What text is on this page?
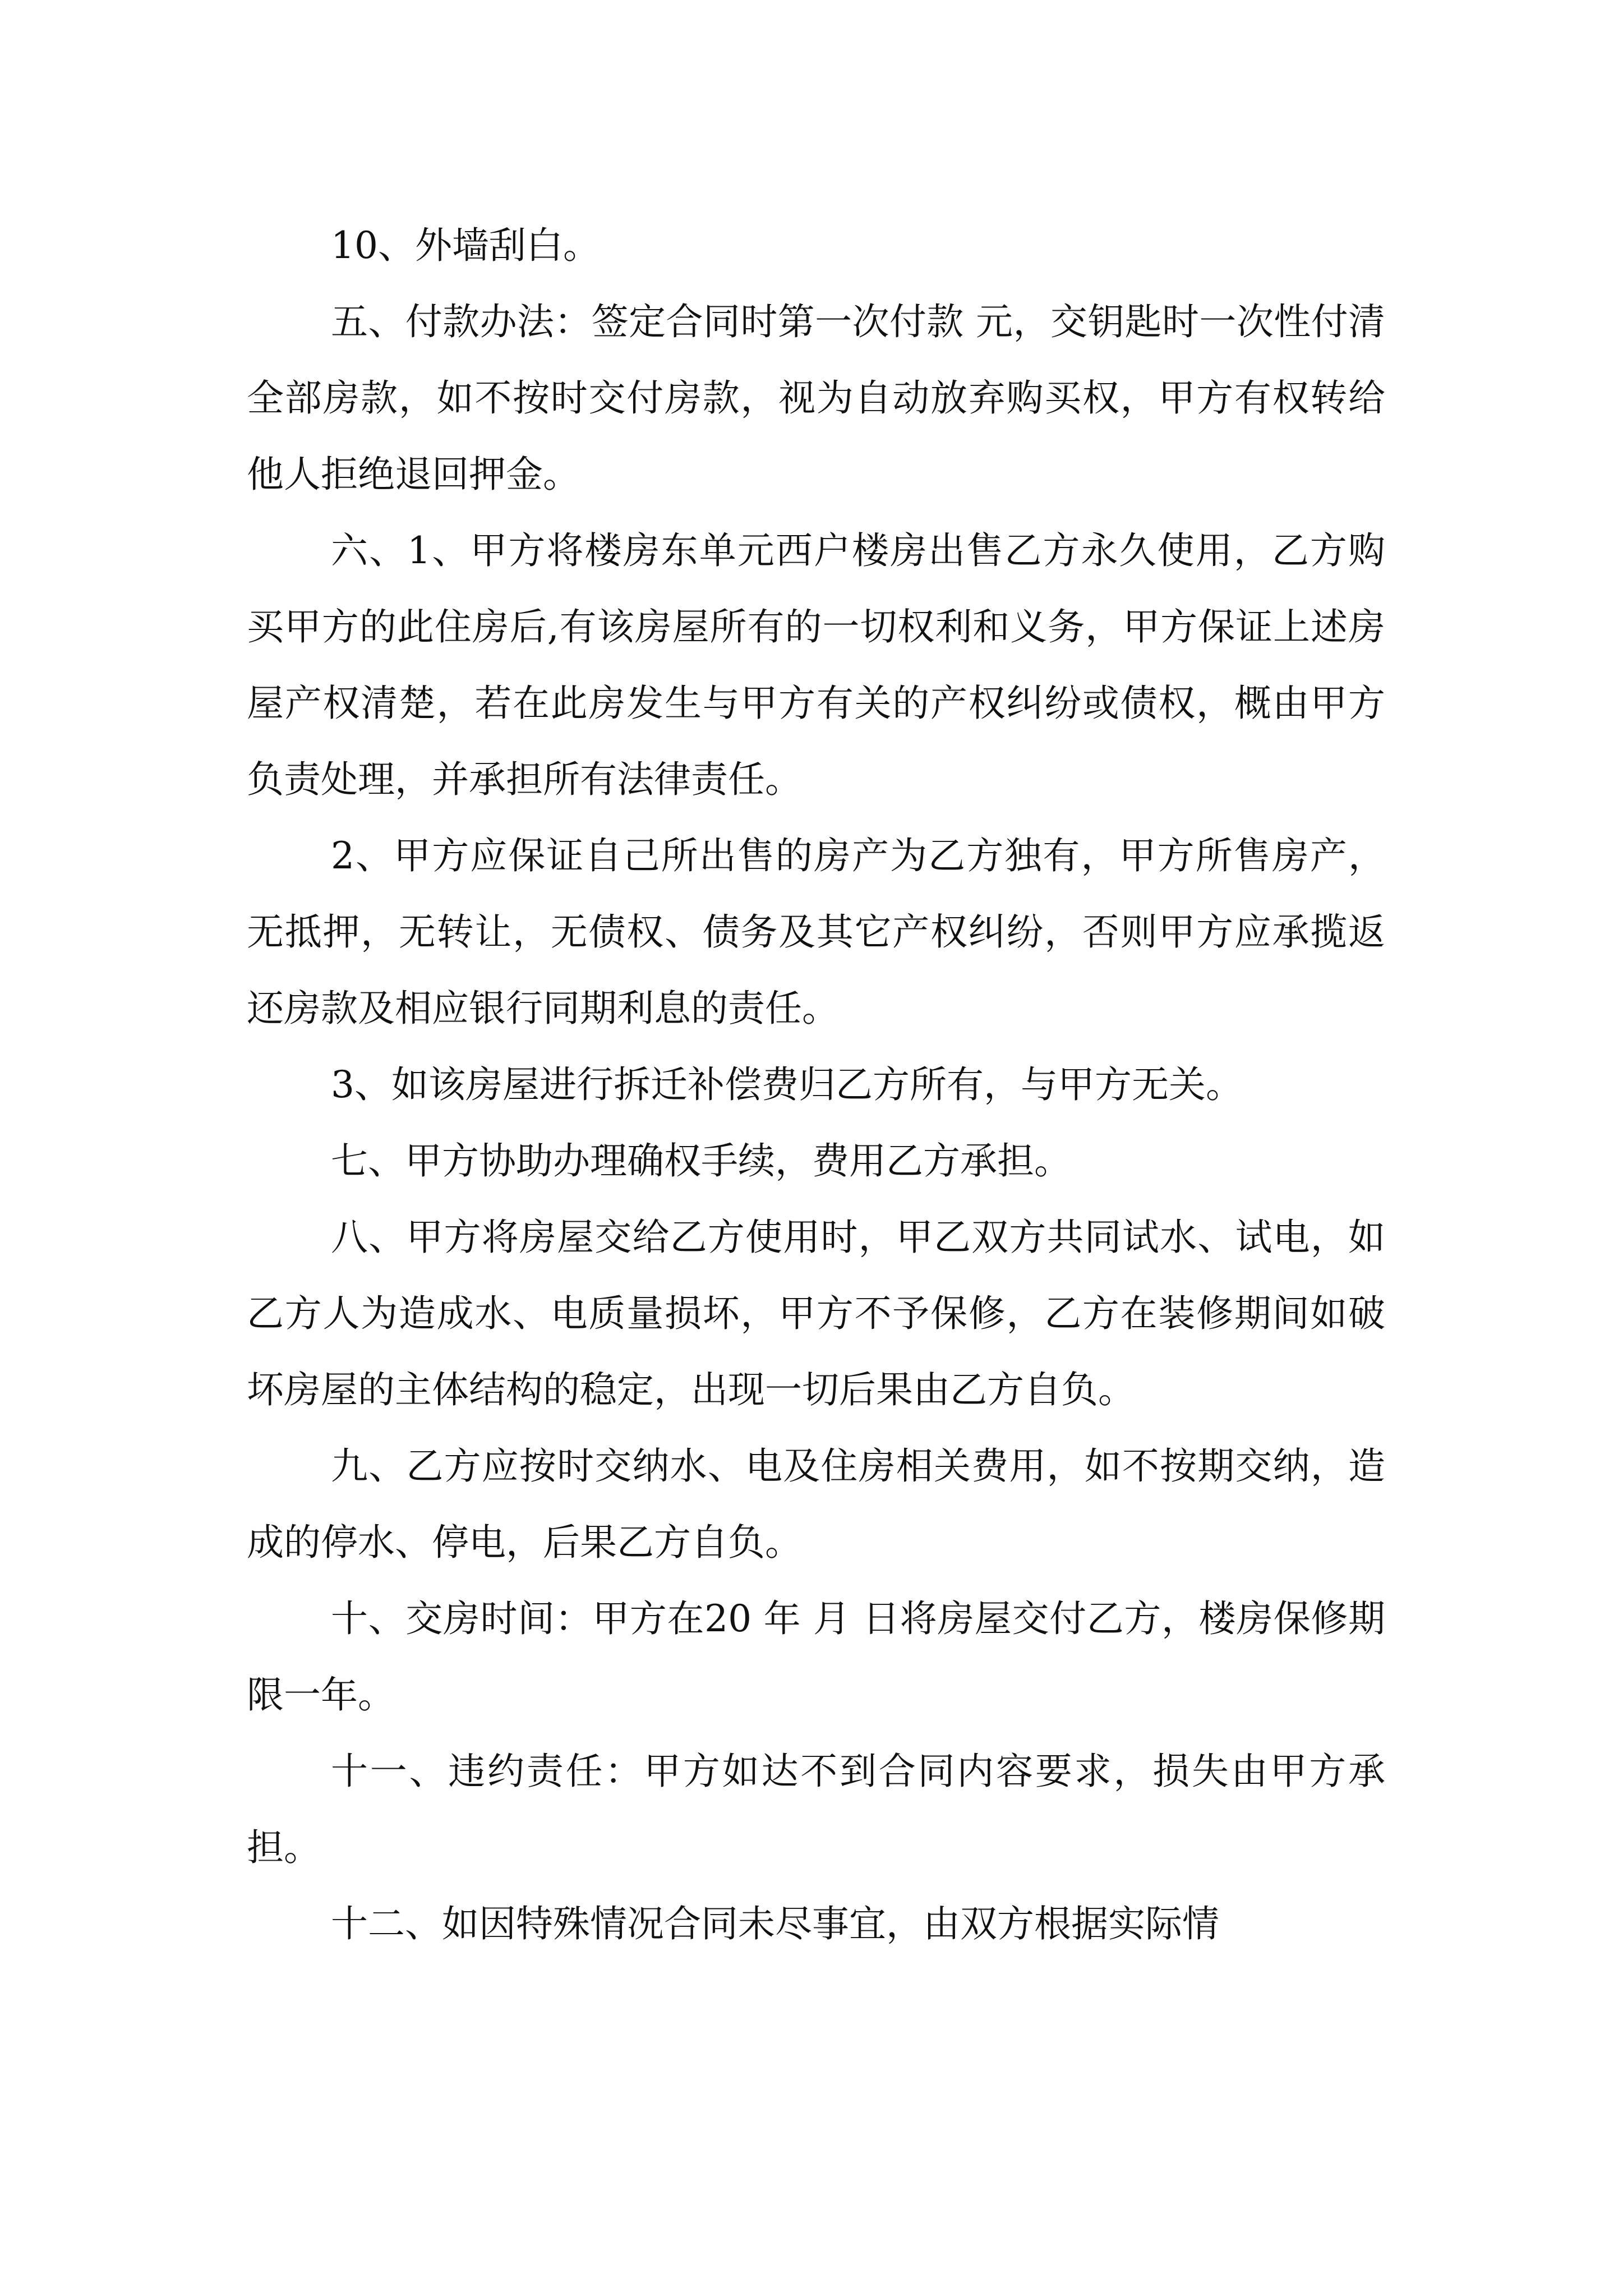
10、外墙刮白。

五、付款办法：签定合同时第一次付款 元，交钥匙时一次性付清全部房款，如不按时交付房款，视为自动放弃购买权，甲方有权转给他人拒绝退回押金。

六、1、甲方将楼房东单元西户楼房出售乙方永久使用，乙方购买甲方的此住房后,有该房屋所有的一切权利和义务，甲方保证上述房屋产权清楚，若在此房发生与甲方有关的产权纠纷或债权，概由甲方负责处理，并承担所有法律责任。

2、甲方应保证自己所出售的房产为乙方独有，甲方所售房产，无抵押，无转让，无债权、债务及其它产权纠纷，否则甲方应承揽返还房款及相应银行同期利息的责任。

3、如该房屋进行拆迁补偿费归乙方所有，与甲方无关。

七、甲方协助办理确权手续，费用乙方承担。

八、甲方将房屋交给乙方使用时，甲乙双方共同试水、试电，如乙方人为造成水、电质量损坏，甲方不予保修，乙方在装修期间如破坏房屋的主体结构的稳定，出现一切后果由乙方自负。

九、乙方应按时交纳水、电及住房相关费用，如不按期交纳，造成的停水、停电，后果乙方自负。

十、交房时间：甲方在20 年 月 日将房屋交付乙方，楼房保修期限一年。

十一、违约责任：甲方如达不到合同内容要求，损失由甲方承担。

十二、如因特殊情况合同未尽事宜，由双方根据实际情
